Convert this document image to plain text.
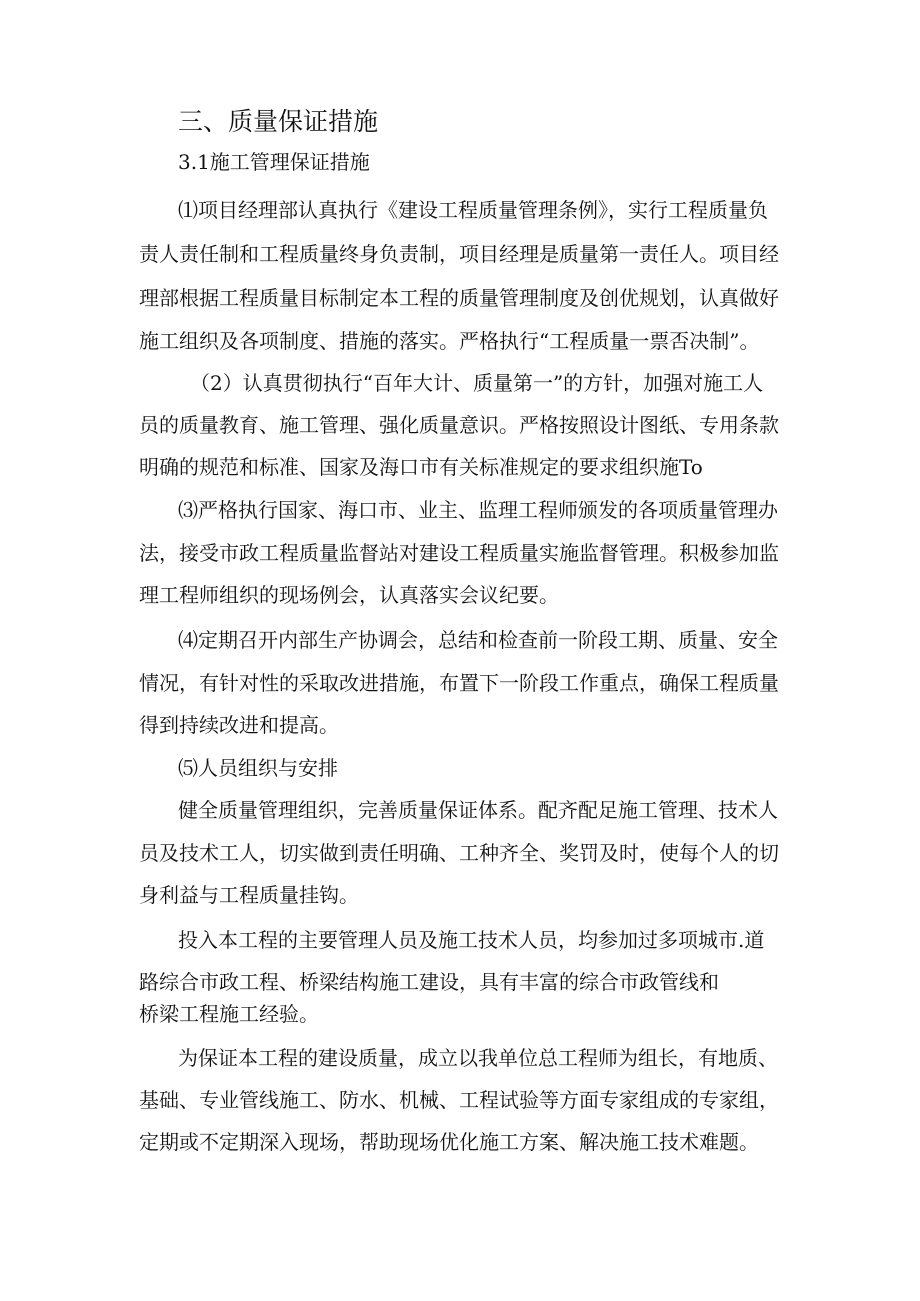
三、质量保证措施

3.1施工管理保证措施

⑴项目经理部认真执行《建设工程质量管理条例》，实行工程质量负

责人责任制和工程质量终身负责制，项目经理是质量第一责任人。项目经

理部根据工程质量目标制定本工程的质量管理制度及创优规划，认真做好

施工组织及各项制度、措施的落实。严格执行“工程质量一票否决制”。

（2）认真贯彻执行“百年大计、质量第一”的方针，加强对施工人

员的质量教育、施工管理、强化质量意识。严格按照设计图纸、专用条款

明确的规范和标准、国家及海口市有关标准规定的要求组织施To

⑶严格执行国家、海口市、业主、监理工程师颁发的各项质量管理办

法，接受市政工程质量监督站对建设工程质量实施监督管理。积极参加监

理工程师组织的现场例会，认真落实会议纪要。

⑷定期召开内部生产协调会，总结和检查前一阶段工期、质量、安全

情况，有针对性的采取改进措施，布置下一阶段工作重点，确保工程质量

得到持续改进和提高。

⑸人员组织与安排

健全质量管理组织，完善质量保证体系。配齐配足施工管理、技术人

员及技术工人，切实做到责任明确、工种齐全、奖罚及时，使每个人的切

身利益与工程质量挂钩。

投入本工程的主要管理人员及施工技术人员，均参加过多项城市.道

路综合市政工程、桥梁结构施工建设，具有丰富的综合市政管线和

桥梁工程施工经验。

为保证本工程的建设质量，成立以我单位总工程师为组长，有地质、

基础、专业管线施工、防水、机械、工程试验等方面专家组成的专家组，

定期或不定期深入现场，帮助现场优化施工方案、解决施工技术难题。
